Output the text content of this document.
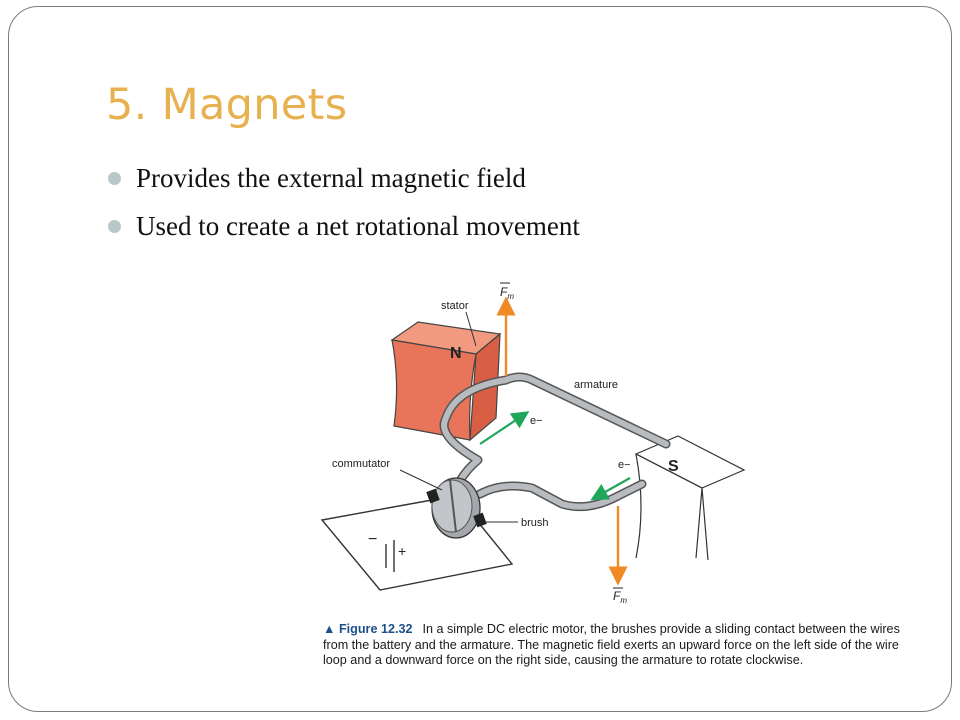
5. Magnets
Provides the external magnetic field
Used to create a net rotational movement
−
+
N
stator
S
armature
commutator
brush
$F_m$
$F_m$
e−
e−
▲ Figure 12.32 In a simple DC electric motor, the brushes provide a sliding contact between the wires from the battery and the armature. The magnetic field exerts an upward force on the left side of the wire loop and a downward force on the right side, causing the armature to rotate clockwise.
